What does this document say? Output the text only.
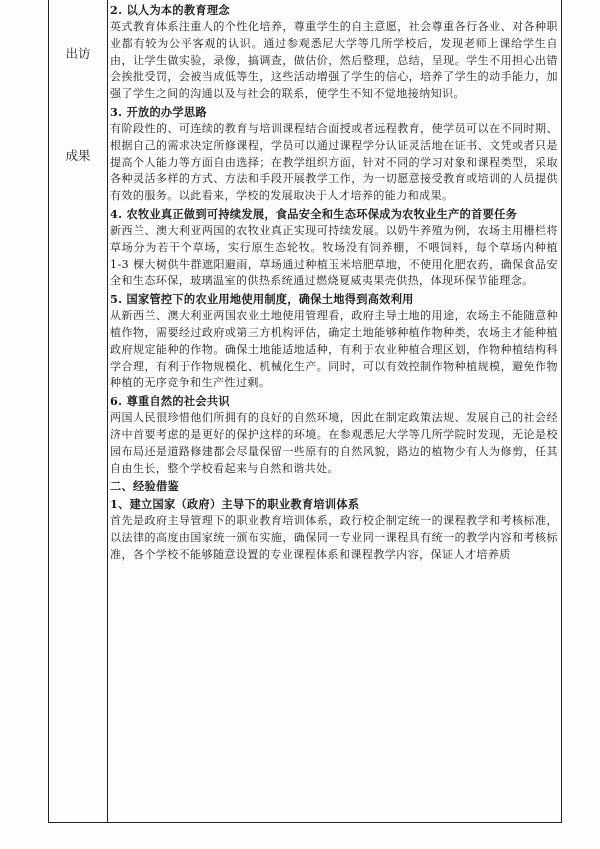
出访
成果
2. 以人为本的教育理念
英式教育体系注重人的个性化培养，尊重学生的自主意愿，社会尊重各行各业、对各种职业都有较为公平客观的认识。通过参观悉尼大学等几所学校后，发现老师上课给学生自由，让学生做实验，录像，搞调查，做估价，然后整理，总结，呈现。学生不用担心出错会挨批受罚，会被当成低等生，这些活动增强了学生的信心，培养了学生的动手能力，加强了学生之间的沟通以及与社会的联系，使学生不知不觉地接纳知识。
3. 开放的办学思路
有阶段性的、可连续的教育与培训课程结合面授或者远程教育，使学员可以在不同时期、根据自己的需求决定所修课程，学员可以通过课程学分认证灵活地在证书、文凭或者只是提高个人能力等方面自由选择；在教学组织方面，针对不同的学习对象和课程类型，采取各种灵活多样的方式、方法和手段开展教学工作，为一切愿意接受教育或培训的人员提供有效的服务。以此看来，学校的发展取决于人才培养的能力和成果。
4. 农牧业真正做到可持续发展，食品安全和生态环保成为农牧业生产的首要任务
新西兰、澳大利亚两国的农牧业真正实现可持续发展。以奶牛养殖为例，农场主用栅栏将草场分为若干个草场，实行原生态轮牧。牧场没有饲养棚，不喂饲料，每个草场内种植 1-3 棵大树供牛群遮阳避雨，草场通过种植玉米培肥草地，不使用化肥农药，确保食品安全和生态环保，玻璃温室的供热系统通过燃烧夏威夷果壳供热，体现环保节能理念。
5. 国家管控下的农业用地使用制度，确保土地得到高效利用
从新西兰、澳大利亚两国农业土地使用管理看，政府主导土地的用途，农场主不能随意种植作物，需要经过政府或第三方机构评估，确定土地能够种植作物种类，农场主才能种植政府规定能种的作物。确保土地能适地适种，有利于农业种植合理区划，作物种植结构科学合理，有利于作物规模化、机械化生产。同时，可以有效控制作物种植规模，避免作物种植的无序竞争和生产性过剩。
6. 尊重自然的社会共识
两国人民很珍惜他们所拥有的良好的自然环境，因此在制定政策法规、发展自己的社会经济中首要考虑的是更好的保护这样的环境。在参观悉尼大学等几所学院时发现，无论是校园布局还是道路修建都会尽量保留一些原有的自然风貌，路边的植物少有人为修剪，任其自由生长，整个学校看起来与自然和谐共处。
二、经验借鉴
1、建立国家（政府）主导下的职业教育培训体系
首先是政府主导管理下的职业教育培训体系，政行校企制定统一的课程教学和考核标准，以法律的高度由国家统一颁布实施，确保同一专业同一课程具有统一的教学内容和考核标准，各个学校不能够随意设置的专业课程体系和课程教学内容，保证人才培养质
